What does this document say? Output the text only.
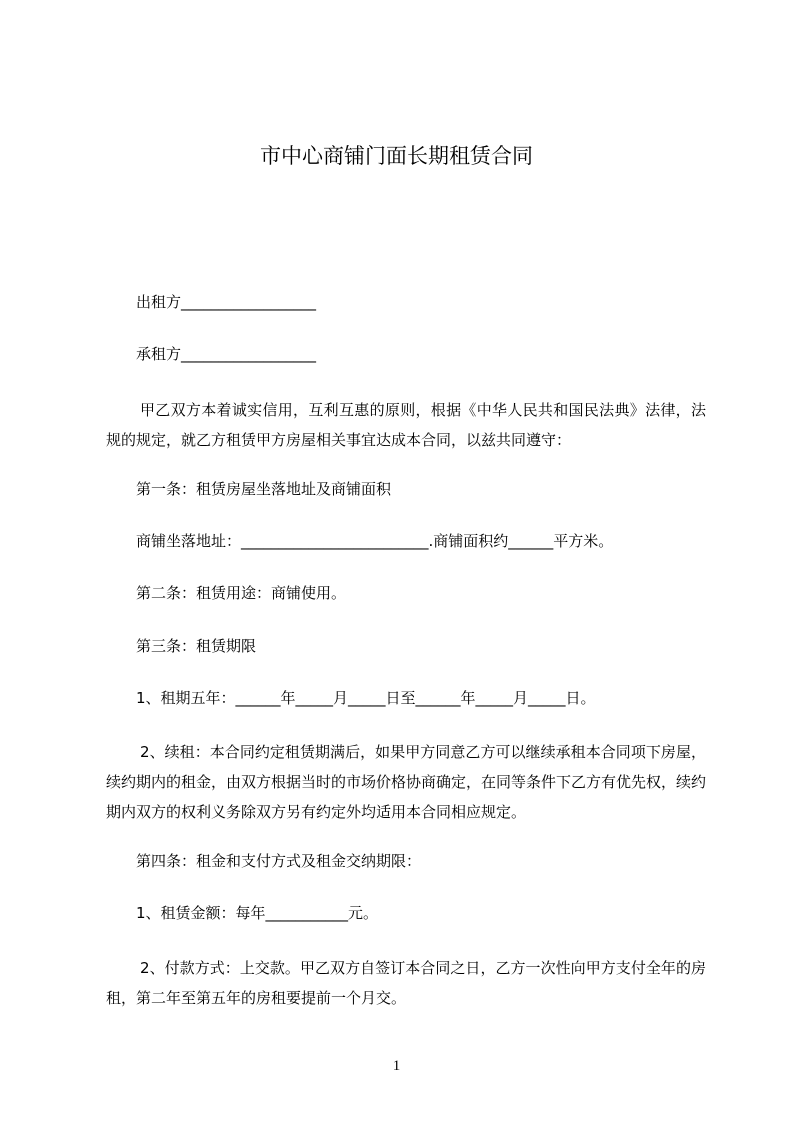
市中心商铺门面长期租赁合同
出租方__________________
承租方__________________
甲乙双方本着诚实信用，互利互惠的原则，根据《中华人民共和国民法典》法律，法规的规定，就乙方租赁甲方房屋相关事宜达成本合同，以兹共同遵守：
第一条：租赁房屋坐落地址及商铺面积
商铺坐落地址：_________________________.商铺面积约______平方米。
第二条：租赁用途：商铺使用。
第三条：租赁期限
1、租期五年：______年_____月_____日至______年_____月_____日。
2、续租：本合同约定租赁期满后，如果甲方同意乙方可以继续承租本合同项下房屋，续约期内的租金，由双方根据当时的市场价格协商确定，在同等条件下乙方有优先权，续约期内双方的权利义务除双方另有约定外均适用本合同相应规定。
第四条：租金和支付方式及租金交纳期限：
1、租赁金额：每年___________元。
2、付款方式：上交款。甲乙双方自签订本合同之日，乙方一次性向甲方支付全年的房租，第二年至第五年的房租要提前一个月交。
1
